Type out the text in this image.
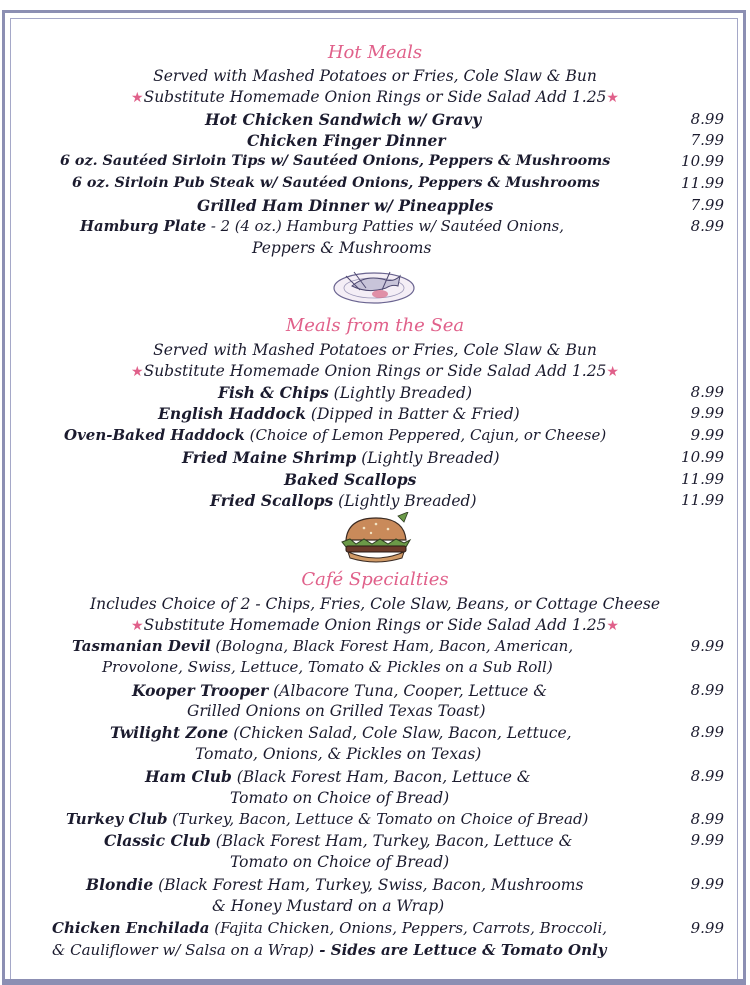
Hot Meals
Served with Mashed Potatoes or Fries, Cole Slaw & Bun
★Substitute Homemade Onion Rings or Side Salad Add 1.25★
Hot Chicken Sandwich w/ Gravy	8.99
Chicken Finger Dinner	7.99
6 oz. Sautéed Sirloin Tips w/ Sautéed Onions, Peppers & Mushrooms	10.99
6 oz. Sirloin Pub Steak w/ Sautéed Onions, Peppers & Mushrooms	11.99
Grilled Ham Dinner w/ Pineapples	7.99
Hamburg Plate - 2 (4 oz.) Hamburg Patties w/ Sautéed Onions,	8.99
Peppers & Mushrooms
Meals from the Sea
Served with Mashed Potatoes or Fries, Cole Slaw & Bun
★Substitute Homemade Onion Rings or Side Salad Add 1.25★
Fish & Chips (Lightly Breaded)	8.99
English Haddock (Dipped in Batter & Fried)	9.99
Oven-Baked Haddock (Choice of Lemon Peppered, Cajun, or Cheese)	9.99
Fried Maine Shrimp (Lightly Breaded)	10.99
Baked Scallops	11.99
Fried Scallops (Lightly Breaded)	11.99
Café Specialties
Includes Choice of 2 - Chips, Fries, Cole Slaw, Beans, or Cottage Cheese
★Substitute Homemade Onion Rings or Side Salad Add 1.25★
Tasmanian Devil (Bologna, Black Forest Ham, Bacon, American,	9.99
Provolone, Swiss, Lettuce, Tomato & Pickles on a Sub Roll)
Kooper Trooper (Albacore Tuna, Cooper, Lettuce &	8.99
Grilled Onions on Grilled Texas Toast)
Twilight Zone (Chicken Salad, Cole Slaw, Bacon, Lettuce,	8.99
Tomato, Onions, & Pickles on Texas)
Ham Club (Black Forest Ham, Bacon, Lettuce &	8.99
Tomato on Choice of Bread)
Turkey Club (Turkey, Bacon, Lettuce & Tomato on Choice of Bread)	8.99
Classic Club (Black Forest Ham, Turkey, Bacon, Lettuce &	9.99
Tomato on Choice of Bread)
Blondie (Black Forest Ham, Turkey, Swiss, Bacon, Mushrooms	9.99
& Honey Mustard on a Wrap)
Chicken Enchilada (Fajita Chicken, Onions, Peppers, Carrots, Broccoli,	9.99
& Cauliflower w/ Salsa on a Wrap) - Sides are Lettuce & Tomato Only
